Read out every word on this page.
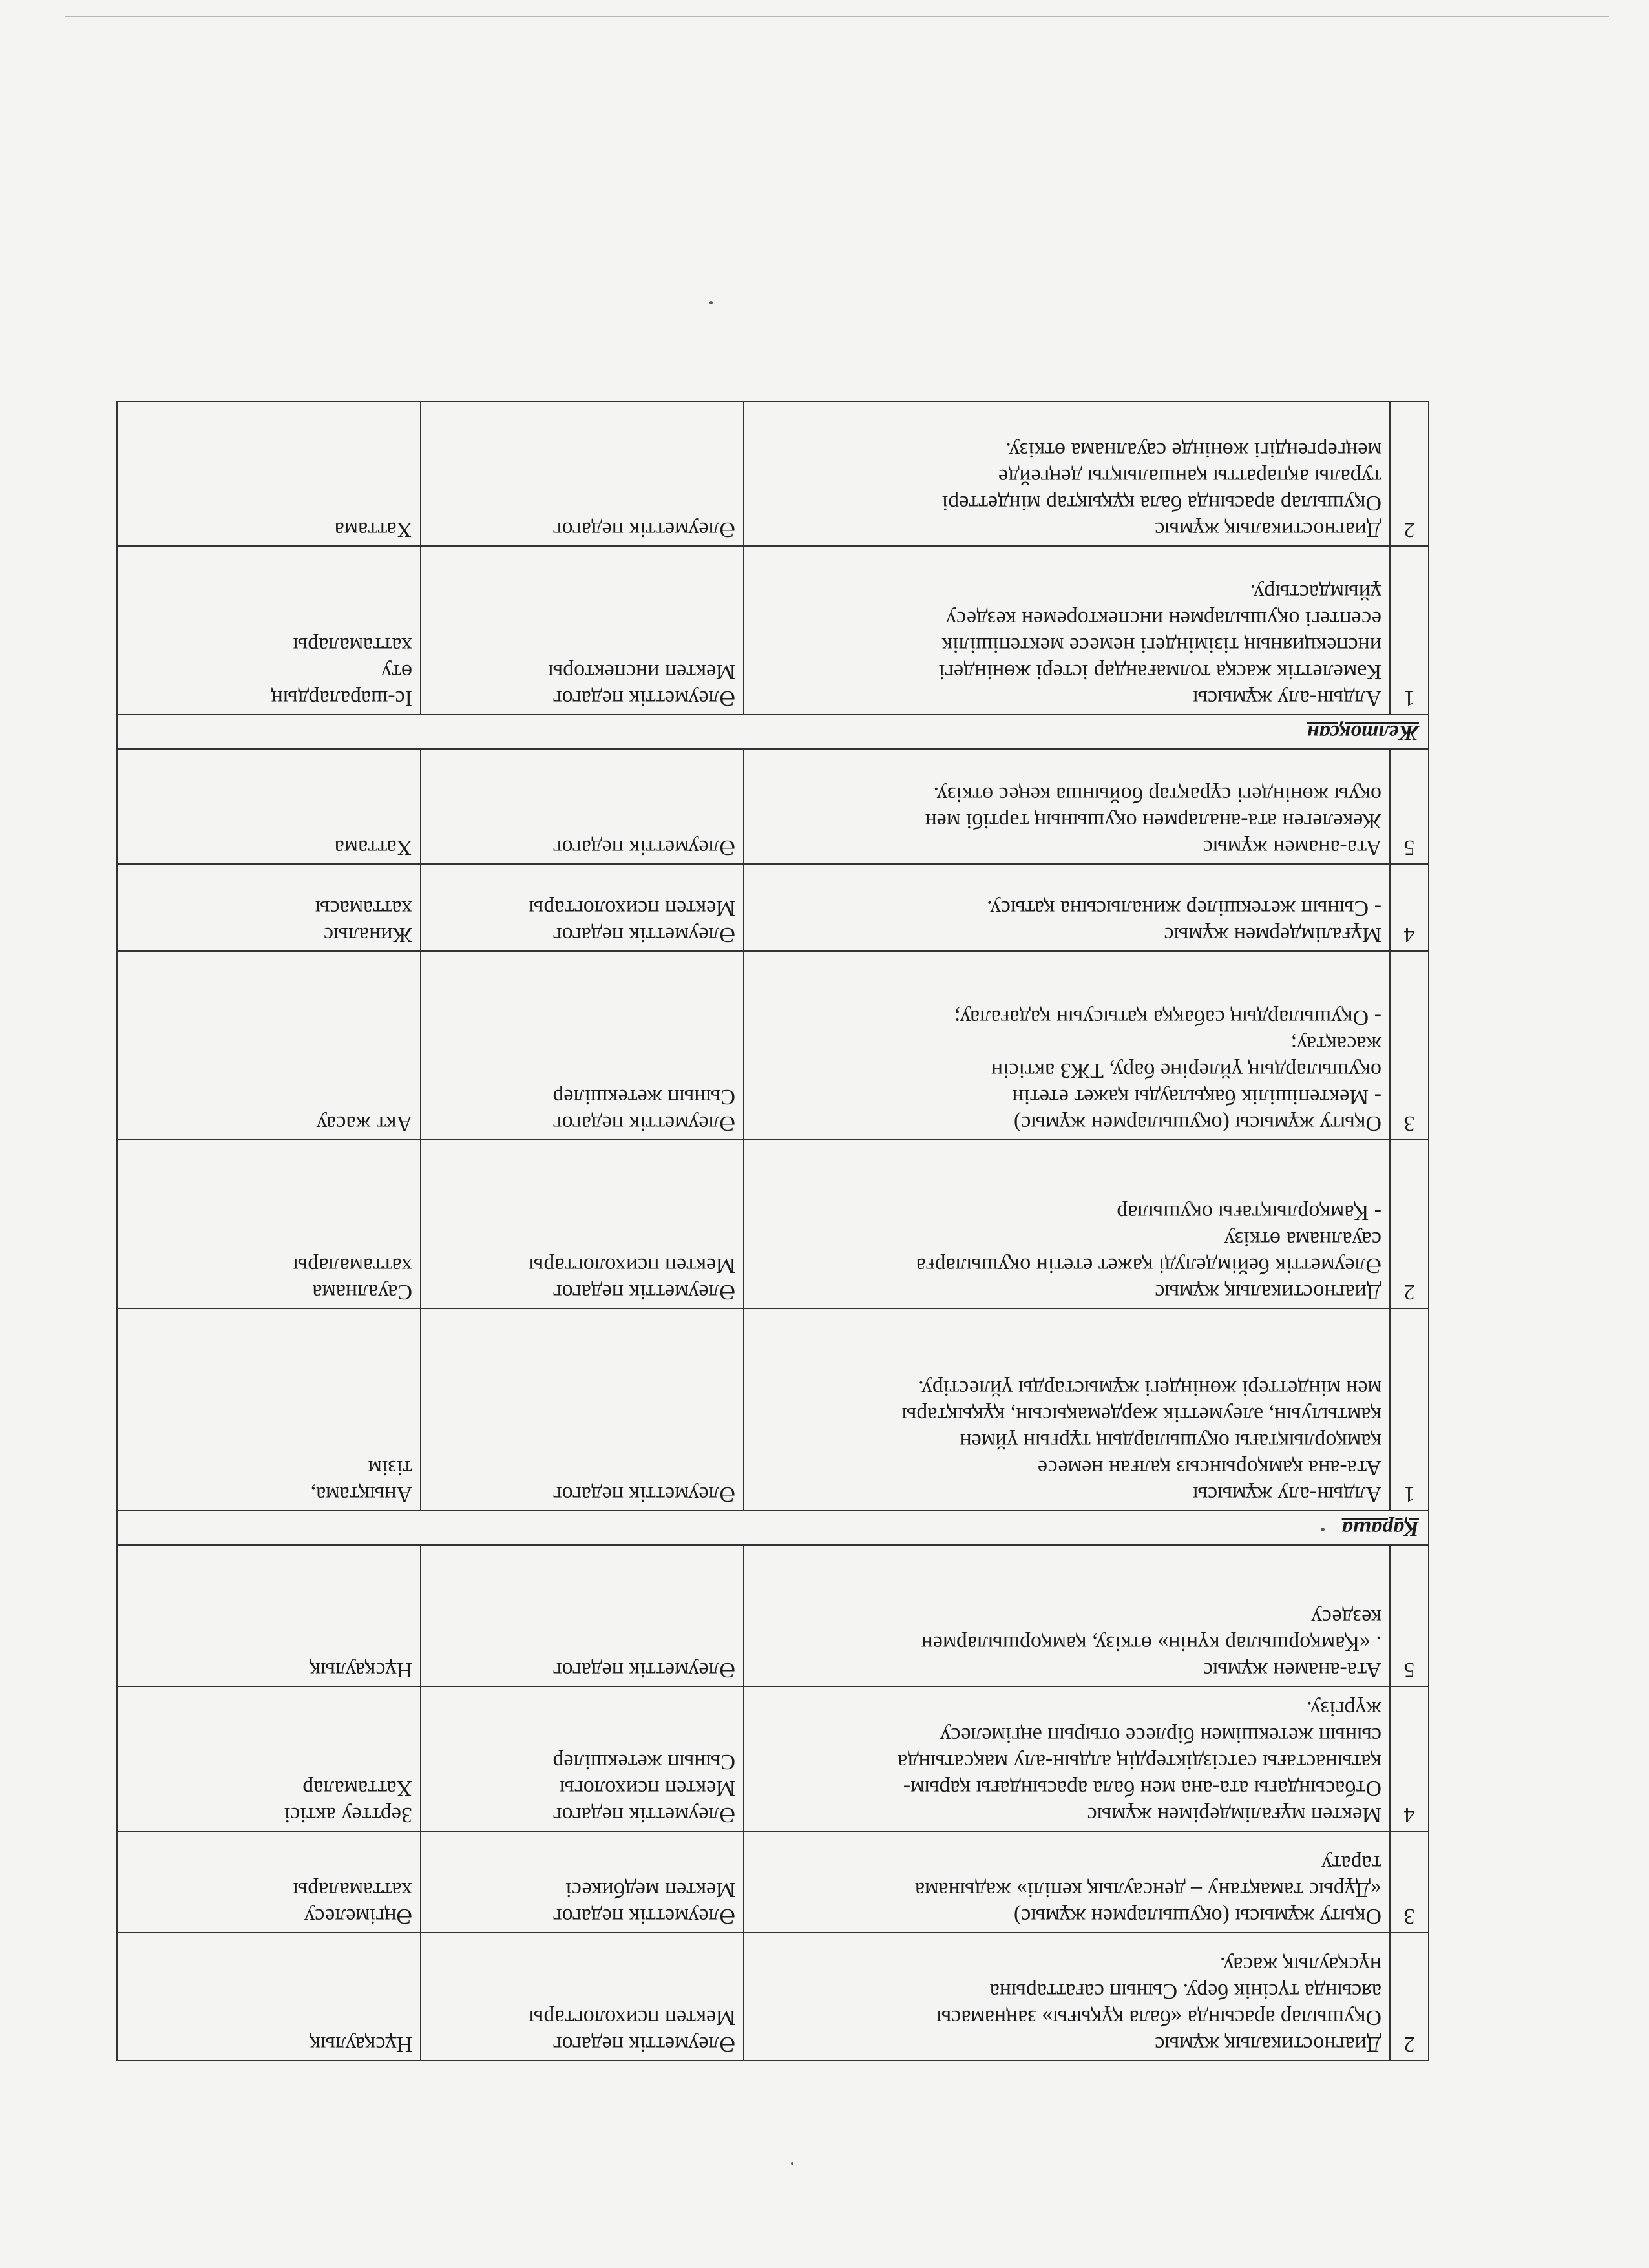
2	Диагностикалық жұмыс
Оқушылар арасында «бала құқығы» заңнамасы
аясында түсінік беру. Сынып сағаттарына
нұсқаулық жасау.	Әлеуметтік педагог
Мектеп психологтары	Нұсқаулық
3	Оқыту жұмысы (оқушылармен жұмыс)
«Дұрыс тамақтану – денсаулық кепілі» жадынама
тарату	Әлеуметтік педагог
Мектеп медбикесі	Әңгімелесу
хаттамалары
4	Мектеп мұғалімдерімен жұмыс
Отбасындағы ата-ана мен бала арасындағы қарым-
қатынастағы сәтсіздіктердің алдын-алу мақсатында
сынып жетекшімен бірлесе отырып әңгімелесу
жүргізу.	Әлеуметтік педагог
Мектеп психологы
Сынып жетекшілер	Зерттеу актісі
Хаттамалар
5	Ата-анамен жұмыс
. «Қамқоршылар күнін» өткізу, қамқоршылармен
кездесу	Әлеуметтік педагог	Нұсқаулық
Қараша			
1	Алдын-алу жұмысы
Ата-ана қамқорынсыз қалған немесе
қамқорлықтағы оқушылардың тұрғын үймен
қамтылуын, әлеуметтік жәрдемақысын, құқықтары
мен міндеттері жөніндегі жұмыстарды үйлестіру.	Әлеуметтік педагог	Анықтама,
тізім
2	Диагностикалық жұмыс
Әлеуметтік бейімделуді қажет ететін оқушыларға
сауалнама өткізу
- Қамқорлықтағы оқушылар	Әлеуметтік педагог
Мектеп психологтары	Сауалнама
хаттамалары
3	Оқыту жұмысы (оқушылармен жұмыс)
- Мектепішілік бақылауды қажет ететін
оқушылардың үйлеріне бару, ТЖЗ актісін
жасақтау;
- Оқушылардың сабаққа қатысуын қадағалау;	Әлеуметтік педагог
Сынып жетекшілер	Акт жасау
4	Мұғалімдермен жұмыс
- Сынып жетекшілер жиналысына қатысу.	Әлеуметтік педагог
Мектеп психологтары	Жиналыс
хаттамасы
5	Ата-анамен жұмыс
Жекелеген ата-аналармен оқушының тәртібі мен
оқуы жөніндегі сұрақтар бойынша кеңес өткізу.	Әлеуметтік педагог	Хаттама
Желтоқсан			
1	Алдын-алу жұмысы
Кәмелеттік жасқа толмағандар істері жөніндегі
инспекцияның тізіміндегі немесе мектепішілік
есептегі оқушылармен инспекторемен кездесу
ұйымдастыру.	Әлеуметтік педагог
Мектеп инспекторы	Іс-шаралардың
өту
хаттамалары
2	Диагностикалық жұмыс
Оқушылар арасында бала құқықтар міндеттері
туралы ақпаратты қаншалықты деңгейде
меңгергендігі жөнінде сауалнама өткізу.	Әлеуметтік педагог	Хаттама
